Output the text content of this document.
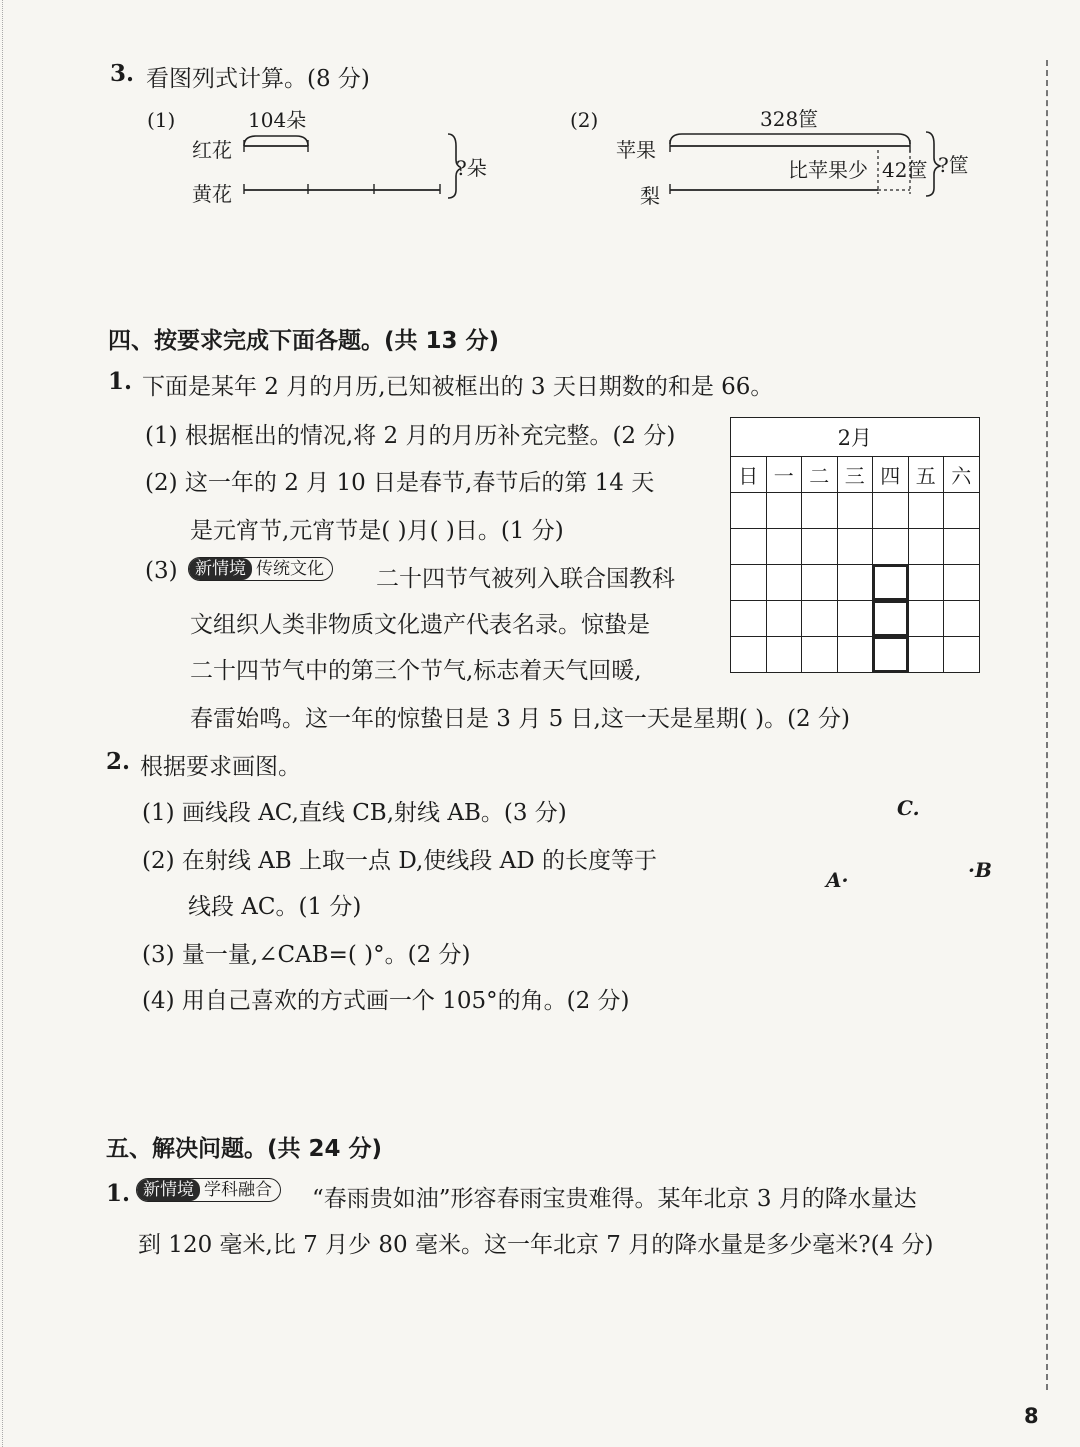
3. 看图列式计算。(8 分)
(1)	104朵
红花
黄花
?朵
(2)	328筐
苹果
梨
比苹果少 42筐 ?筐
四、按要求完成下面各题。(共 13 分)
1. 下面是某年 2 月的月历,已知被框出的 3 天日期数的和是 66。
(1) 根据框出的情况,将 2 月的月历补充完整。(2 分)
(2) 这一年的 2 月 10 日是春节,春节后的第 14 天
是元宵节,元宵节是( )月( )日。(1 分)
(3)	新情境 传统文化	二十四节气被列入联合国教科
文组织人类非物质文化遗产代表名录。惊蛰是
二十四节气中的第三个节气,标志着天气回暖,
春雷始鸣。这一年的惊蛰日是 3 月 5 日,这一天是星期( )。(2 分)
2月						
日	一	二	三	四	五	六

2. 根据要求画图。
(1) 画线段 AC,直线 CB,射线 AB。(3 分)
(2) 在射线 AB 上取一点 D,使线段 AD 的长度等于
线段 AC。(1 分)
(3) 量一量,∠CAB=( )°。(2 分)
(4) 用自己喜欢的方式画一个 105°的角。(2 分)
C.
A·	·B
五、解决问题。(共 24 分)
1. 新情境 学科融合	“春雨贵如油”形容春雨宝贵难得。某年北京 3 月的降水量达
到 120 毫米,比 7 月少 80 毫米。这一年北京 7 月的降水量是多少毫米?(4 分)
8
